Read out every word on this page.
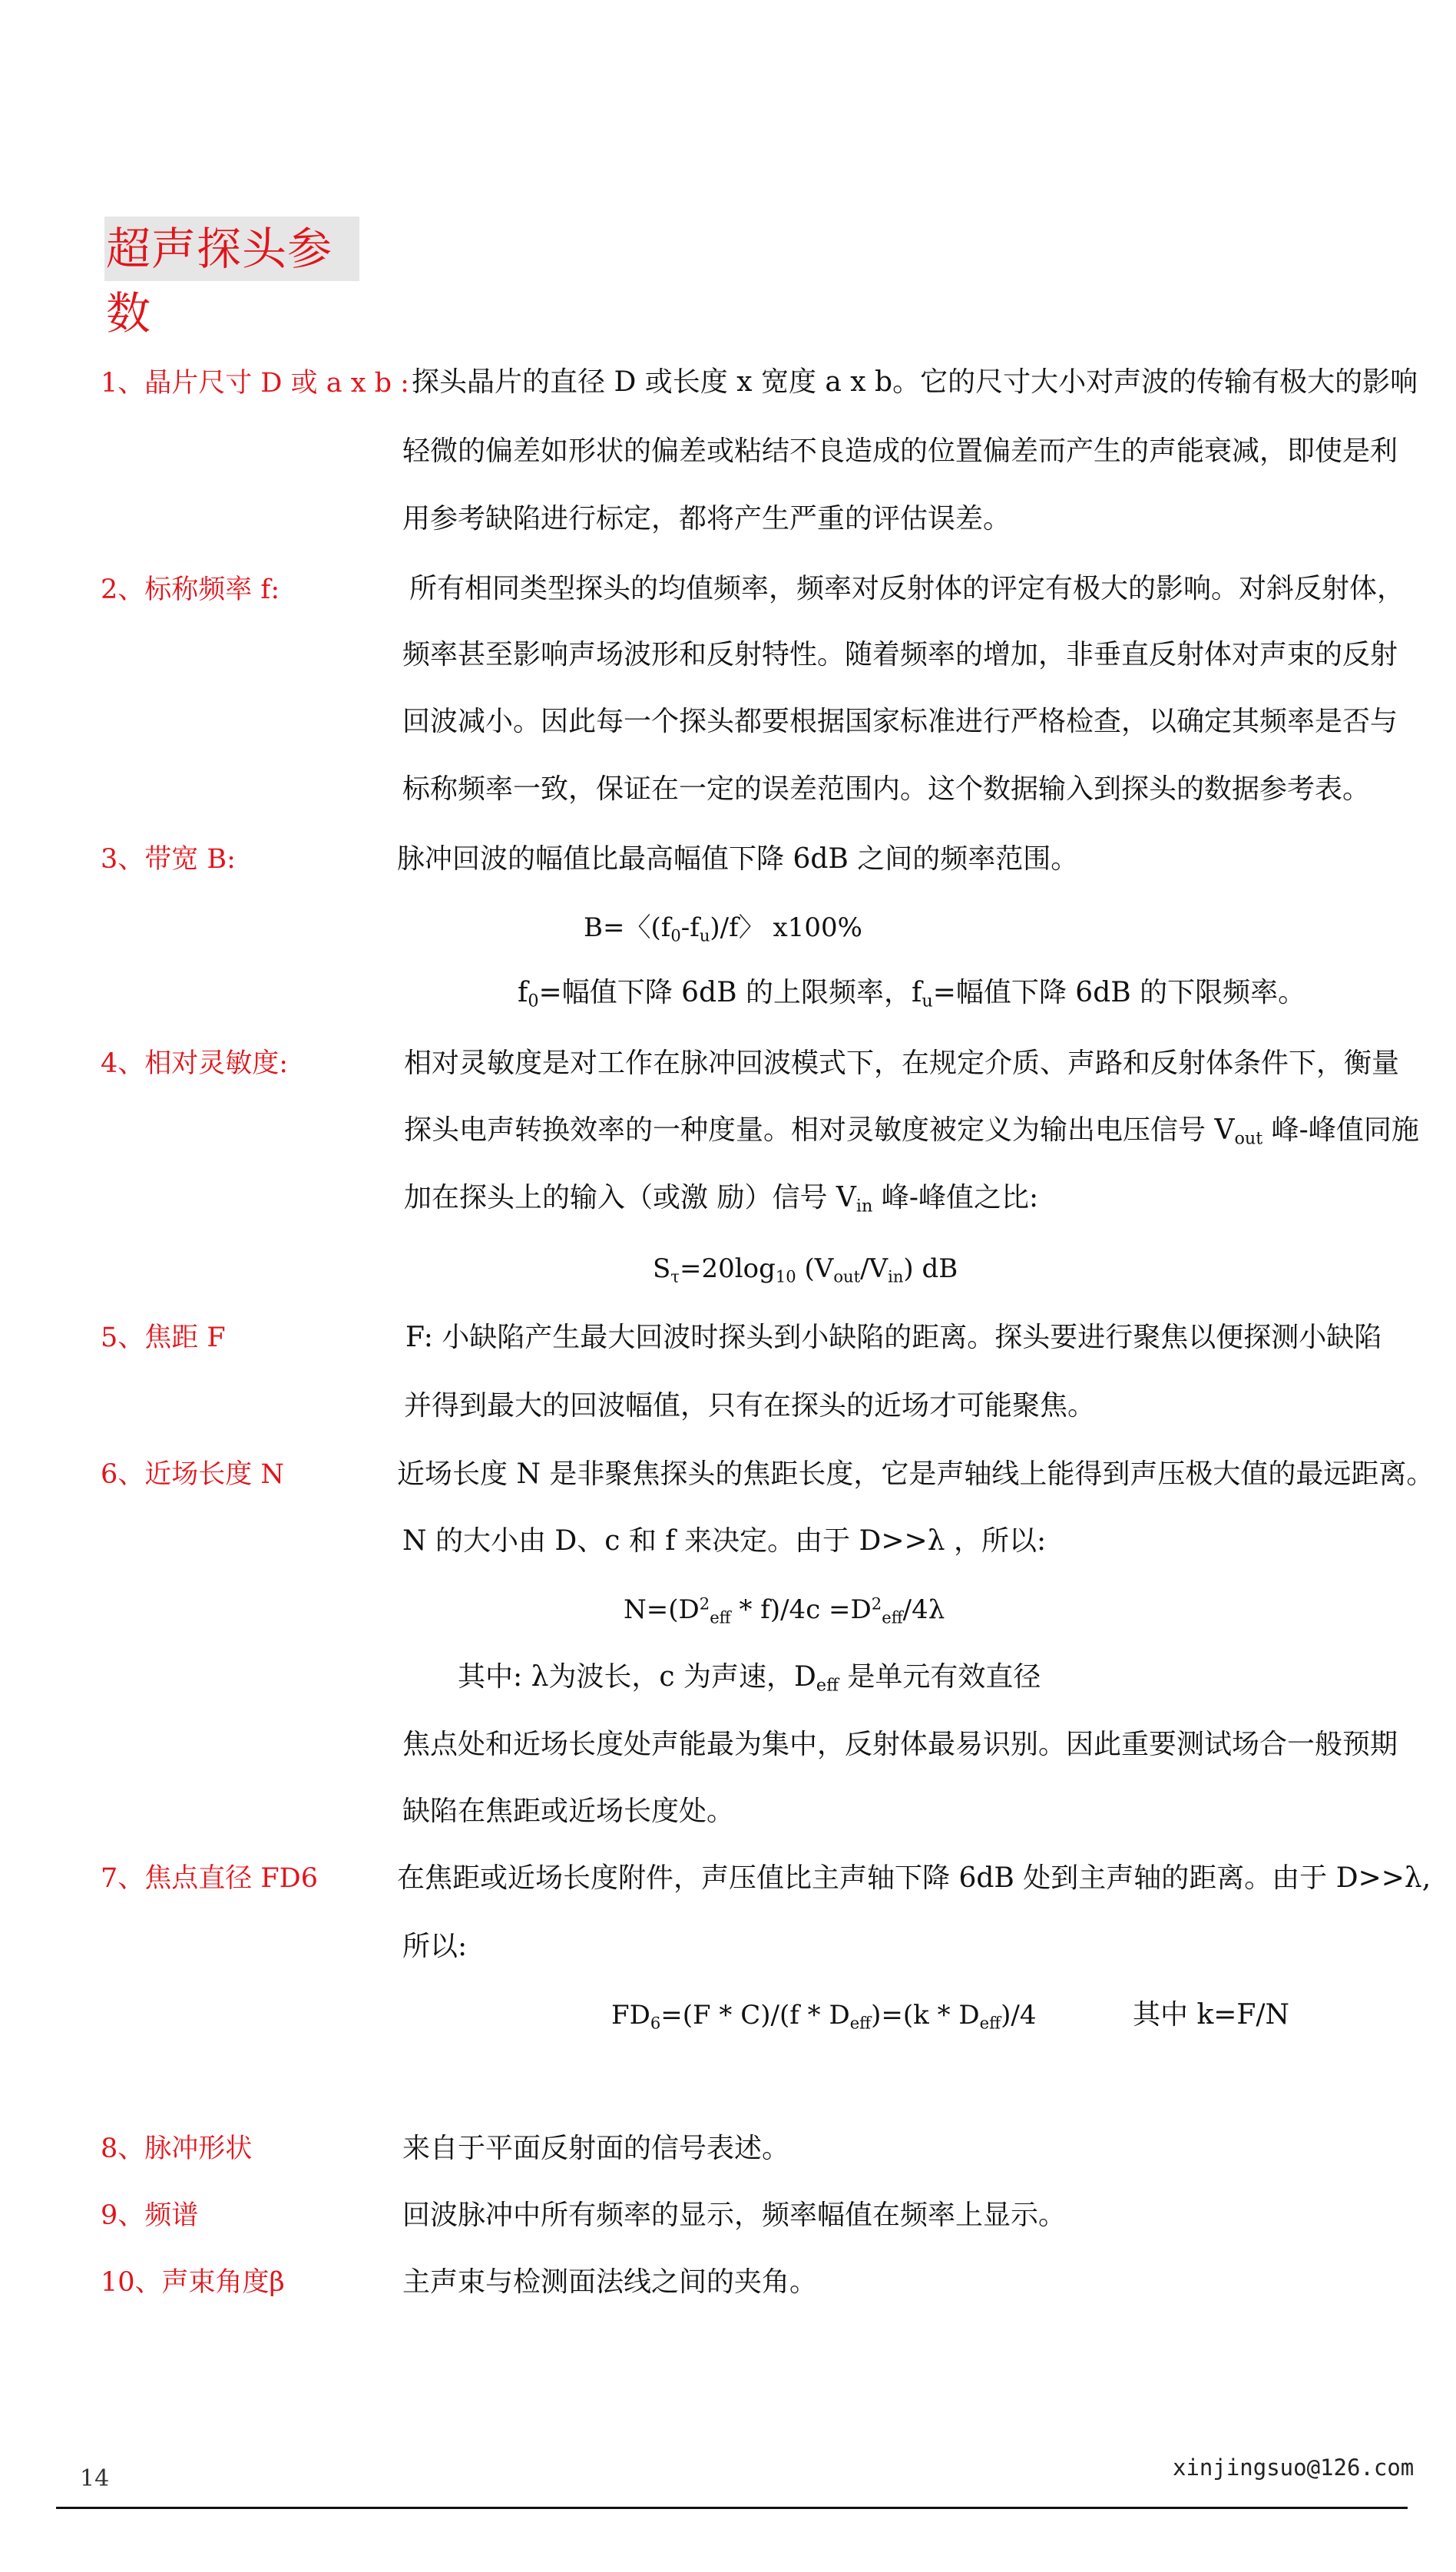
超声探头参数
1、晶片尺寸 D 或 a x b : 探头晶片的直径 D 或长度 x 宽度 a x b。它的尺寸大小对声波的传输有极大的影响
轻微的偏差如形状的偏差或粘结不良造成的位置偏差而产生的声能衰减，即使是利
用参考缺陷进行标定，都将产生严重的评估误差。
2、标称频率 f:	所有相同类型探头的均值频率，频率对反射体的评定有极大的影响。对斜反射体，
频率甚至影响声场波形和反射特性。随着频率的增加，非垂直反射体对声束的反射
回波减小。因此每一个探头都要根据国家标准进行严格检查，以确定其频率是否与
标称频率一致，保证在一定的误差范围内。这个数据输入到探头的数据参考表。
3、带宽 B:	脉冲回波的幅值比最高幅值下降 6dB 之间的频率范围。
B=〈$(f_0-f_u)/f$〉 x100%
$f_0=$幅值下降 6dB 的上限频率，$f_u=$幅值下降 6dB 的下限频率。
4、相对灵敏度:	相对灵敏度是对工作在脉冲回波模式下，在规定介质、声路和反射体条件下，衡量
探头电声转换效率的一种度量。相对灵敏度被定义为输出电压信号 $V_{out}$ 峰-峰值同施
加在探头上的输入（或激 励）信号 $V_{in}$ 峰-峰值之比:
$S_\tau=20\log_{10}$ $(V_{out}/V_{in})$ dB
5、焦距 F	F: 小缺陷产生最大回波时探头到小缺陷的距离。探头要进行聚焦以便探测小缺陷
并得到最大的回波幅值，只有在探头的近场才可能聚焦。
6、近场长度 N	近场长度 N 是非聚焦探头的焦距长度，它是声轴线上能得到声压极大值的最远距离。
N 的大小由 D、c 和 f 来决定。由于 D>>λ ，所以:
$N=(D^2_{eff} * f)/4c =D^2_{eff}/4\lambda$
其中: λ为波长，c 为声速，$D_{eff}$ 是单元有效直径
焦点处和近场长度处声能最为集中，反射体最易识别。因此重要测试场合一般预期
缺陷在焦距或近场长度处。
7、焦点直径 FD6	在焦距或近场长度附件，声压值比主声轴下降 6dB 处到主声轴的距离。由于 D>>λ,
所以:
$FD_6=(F * C)/(f * D_{eff})=(k * D_{eff})/4$	其中 k=F/N
8、脉冲形状	来自于平面反射面的信号表述。
9、频谱	回波脉冲中所有频率的显示，频率幅值在频率上显示。
10、声束角度β	主声束与检测面法线之间的夹角。
14	xinjingsuo@126.com
